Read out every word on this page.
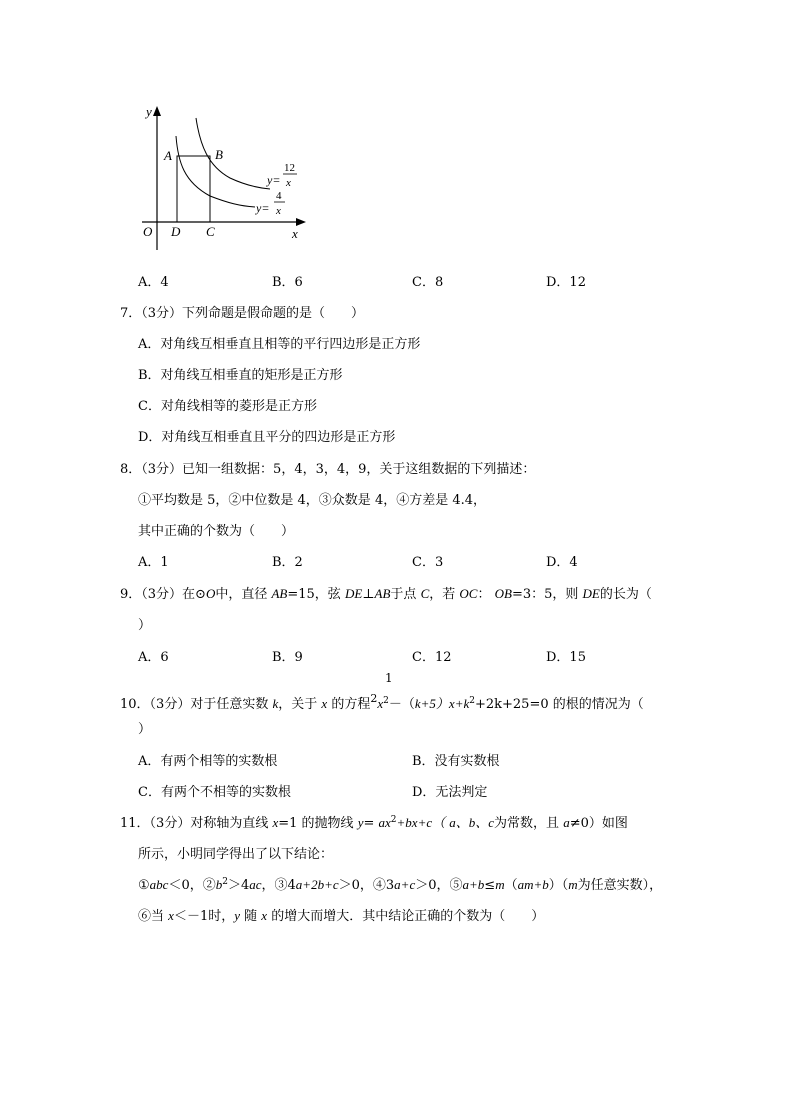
y
x
O D C
A	B
y=
12
x
y=
4
x
A．4	B．6	C．8	D．12
7．（3分）下列命题是假命题的是（　　）
A．对角线互相垂直且相等的平行四边形是正方形
B．对角线互相垂直的矩形是正方形
C．对角线相等的菱形是正方形
D．对角线互相垂直且平分的四边形是正方形
8．（3分）已知一组数据：5，4，3，4，9，关于这组数据的下列描述：
①平均数是 5，②中位数是 4，③众数是 4，④方差是 4.4，
其中正确的个数为（　　）
A．1	B．2	C．3	D．4
9．（3分）在⊙O中，直径 AB=15，弦 DE⊥AB于点 C，若 OC： OB=3：5，则 DE的长为（
）
A．6	B．9	C．12	D．15
1
10．（3分）对于任意实数 k，关于 x 的方程$^2x^2-(k+5)x+k^2+2k+25=0$ 的根的情况为（
）
A．有两个相等的实数根	B．没有实数根
C．有两个不相等的实数根	D．无法判定
11．（3分）对称轴为直线 x=1 的抛物线 $y= ax^2+bx+c$（ a、b、c为常数，且 a≠0）如图
所示，小明同学得出了以下结论：
①abc＜0，$②b^2>4ac$，③4a+2b+c＞0，④3a+c＞0，⑤a+b≤m（am+b）（m为任意实数），
⑥当 x＜－1时，y 随 x 的增大而增大．其中结论正确的个数为（　　）
